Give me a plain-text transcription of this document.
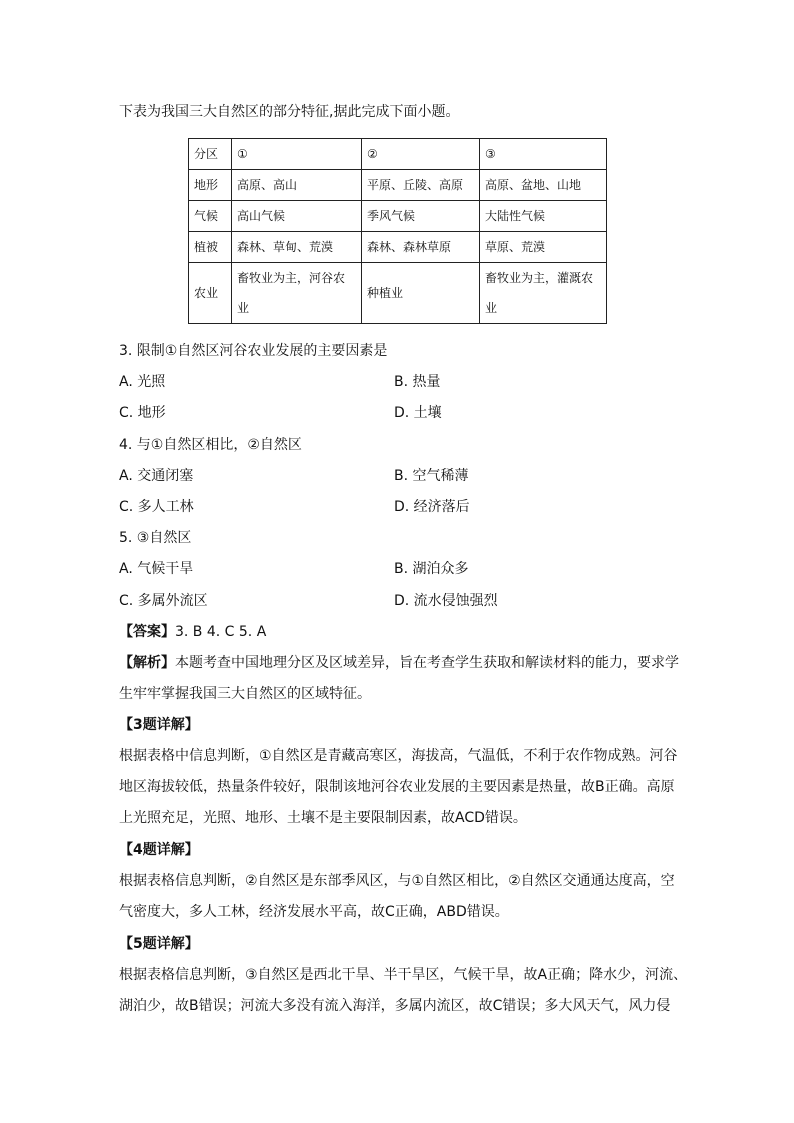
下表为我国三大自然区的部分特征,据此完成下面小题。
分区	①	②	③
地形	高原、高山	平原、丘陵、高原	高原、盆地、山地
气候	高山气候	季风气候	大陆性气候
植被	森林、草甸、荒漠	森林、森林草原	草原、荒漠
农业	畜牧业为主，河谷农业	种植业	畜牧业为主，灌溉农业
3. 限制①自然区河谷农业发展的主要因素是
A. 光照	B. 热量
C. 地形	D. 土壤
4. 与①自然区相比，②自然区
A. 交通闭塞	B. 空气稀薄
C. 多人工林	D. 经济落后
5. ③自然区
A. 气候干旱	B. 湖泊众多
C. 多属外流区	D. 流水侵蚀强烈
【答案】3. B 4. C 5. A
【解析】本题考查中国地理分区及区域差异，旨在考查学生获取和解读材料的能力，要求学
生牢牢掌握我国三大自然区的区域特征。
【3题详解】
根据表格中信息判断，①自然区是青藏高寒区，海拔高，气温低，不利于农作物成熟。河谷
地区海拔较低，热量条件较好，限制该地河谷农业发展的主要因素是热量，故B正确。高原
上光照充足，光照、地形、土壤不是主要限制因素，故ACD错误。
【4题详解】
根据表格信息判断，②自然区是东部季风区，与①自然区相比，②自然区交通通达度高，空
气密度大，多人工林，经济发展水平高，故C正确，ABD错误。
【5题详解】
根据表格信息判断，③自然区是西北干旱、半干旱区，气候干旱，故A正确；降水少，河流、
湖泊少，故B错误；河流大多没有流入海洋，多属内流区，故C错误；多大风天气，风力侵
